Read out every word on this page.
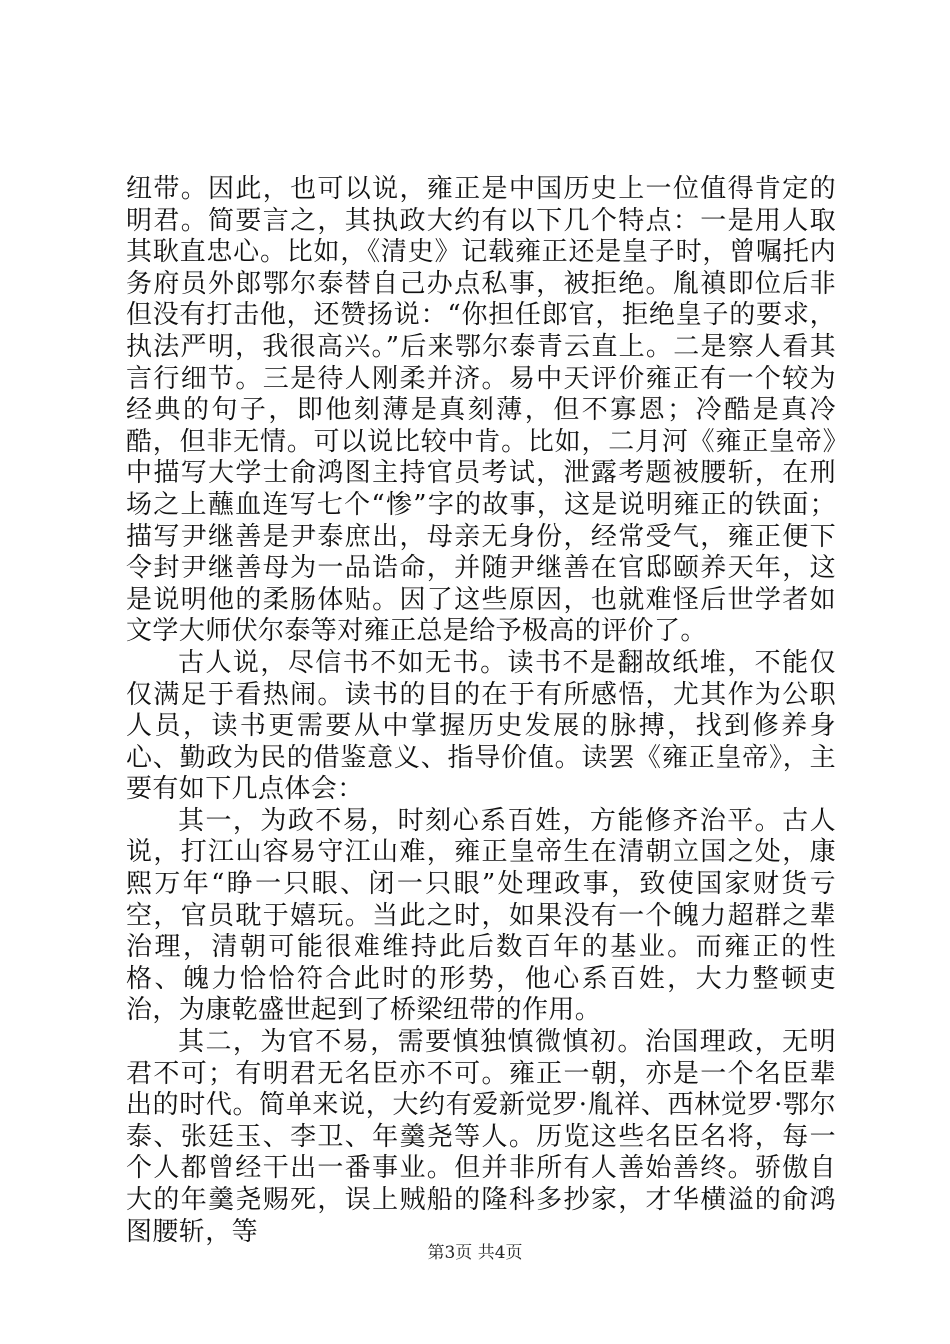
纽带。因此，也可以说，雍正是中国历史上一位值得肯定的明君。简要言之，其执政大约有以下几个特点：一是用人取其耿直忠心。比如，《清史》记载雍正还是皇子时，曾嘱托内务府员外郎鄂尔泰替自己办点私事，被拒绝。胤禛即位后非但没有打击他，还赞扬说：“你担任郎官，拒绝皇子的要求，执法严明，我很高兴。”后来鄂尔泰青云直上。二是察人看其言行细节。三是待人刚柔并济。易中天评价雍正有一个较为经典的句子，即他刻薄是真刻薄，但不寡恩；冷酷是真冷酷，但非无情。可以说比较中肯。比如，二月河《雍正皇帝》中描写大学士俞鸿图主持官员考试，泄露考题被腰斩，在刑场之上蘸血连写七个“惨”字的故事，这是说明雍正的铁面；描写尹继善是尹泰庶出，母亲无身份，经常受气，雍正便下令封尹继善母为一品诰命，并随尹继善在官邸颐养天年，这是说明他的柔肠体贴。因了这些原因，也就难怪后世学者如文学大师伏尔泰等对雍正总是给予极高的评价了。

古人说，尽信书不如无书。读书不是翻故纸堆，不能仅仅满足于看热闹。读书的目的在于有所感悟，尤其作为公职人员，读书更需要从中掌握历史发展的脉搏，找到修养身心、勤政为民的借鉴意义、指导价值。读罢《雍正皇帝》，主要有如下几点体会：

其一，为政不易，时刻心系百姓，方能修齐治平。古人说，打江山容易守江山难，雍正皇帝生在清朝立国之处，康熙万年“睁一只眼、闭一只眼”处理政事，致使国家财货亏空，官员耽于嬉玩。当此之时，如果没有一个魄力超群之辈治理，清朝可能很难维持此后数百年的基业。而雍正的性格、魄力恰恰符合此时的形势，他心系百姓，大力整顿吏治，为康乾盛世起到了桥梁纽带的作用。

其二，为官不易，需要慎独慎微慎初。治国理政，无明君不可；有明君无名臣亦不可。雍正一朝，亦是一个名臣辈出的时代。简单来说，大约有爱新觉罗·胤祥、西林觉罗·鄂尔泰、张廷玉、李卫、年羹尧等人。历览这些名臣名将，每一个人都曾经干出一番事业。但并非所有人善始善终。骄傲自大的年羹尧赐死，误上贼船的隆科多抄家，才华横溢的俞鸿图腰斩，等

第3页 共4页
